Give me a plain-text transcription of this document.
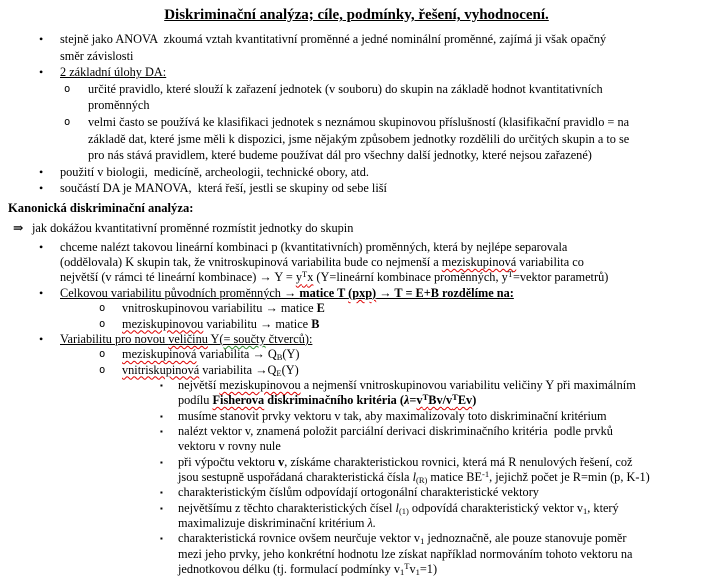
Diskriminační analýza; cíle, podmínky, řešení, vyhodnocení.
• stejně jako ANOVA  zkoumá vztah kvantitativní proměnné a jedné nominální proměnné, zajímá ji však opačný
směr závislosti
• 2 základní úlohy DA:
o určité pravidlo, které slouží k zařazení jednotek (v souboru) do skupin na základě hodnot kvantitativních
proměnných
o velmi často se používá ke klasifikaci jednotek s neznámou skupinovou příslušností (klasifikační pravidlo = na
základě dat, které jsme měli k dispozici, jsme nějakým způsobem jednotky rozdělili do určitých skupin a to se
pro nás stává pravidlem, které budeme používat dál pro všechny další jednotky, které nejsou zařazené)
• použití v biologii,  medicíně, archeologii, technické obory, atd.
• součástí DA je MANOVA,  která řeší, jestli se skupiny od sebe liší
Kanonická diskriminační analýza:
⇒ jak dokážou kvantitativní proměnné rozmístit jednotky do skupin
• chceme nalézt takovou lineární kombinaci p (kvantitativních) proměnných, která by nejlépe separovala
(oddělovala) K skupin tak, že vnitroskupinová variabilita bude co nejmenší a meziskupinová variabilita co
největší (v rámci té lineární kombinace) → $Y = y^Tx$ (Y=lineární kombinace proměnných, $y^T=vektor$ parametrů)
• Celkovou variabilitu původních proměnných → matice T (pxp) → T = E+B rozdělíme na:
o vnitroskupinovou variabilitu → matice E
o meziskupinovou variabilitu → matice B
• Variabilitu pro novou veličinu Y(= součty čtverců):
o meziskupinová variabilita → $Q_B(Y)$
o vnitriskupinová variabilita $\to Q_E(Y)$
▪ největší meziskupinovou a nejmenší vnitroskupinovou variabilitu veličiny Y při maximálním
podílu Fisherova diskriminačního kritéria $(\lambda=v^TBv/v^TEv)$
▪ musíme stanovit prvky vektoru v tak, aby maximalizovaly toto diskriminační kritérium
▪ nalézt vektor v, znamená položit parciální derivaci diskriminačního kritéria  podle prvků
vektoru v rovny nule
▪ při výpočtu vektoru v, získáme charakteristickou rovnici, která má R nenulových řešení, což
jsou sestupně uspořádaná charakteristická čísla $l_{(R)}$ matice $BE^{-1}$, jejichž počet je R=min (p, K-1)
▪ charakteristickým číslům odpovídají ortogonální charakteristické vektory
▪ největšímu z těchto charakteristických čísel $l_{(1)}$ odpovídá charakteristický vektor $v_1$, který
maximalizuje diskriminační kritérium λ.
▪ charakteristická rovnice ovšem neurčuje vektor $v_1$ jednoznačně, ale pouze stanovuje poměr
mezi jeho prvky, jeho konkrétní hodnotu lze získat například normováním tohoto vektoru na
jednotkovou délku (tj. formulací podmínky $v_1^Tv_1=1$)
